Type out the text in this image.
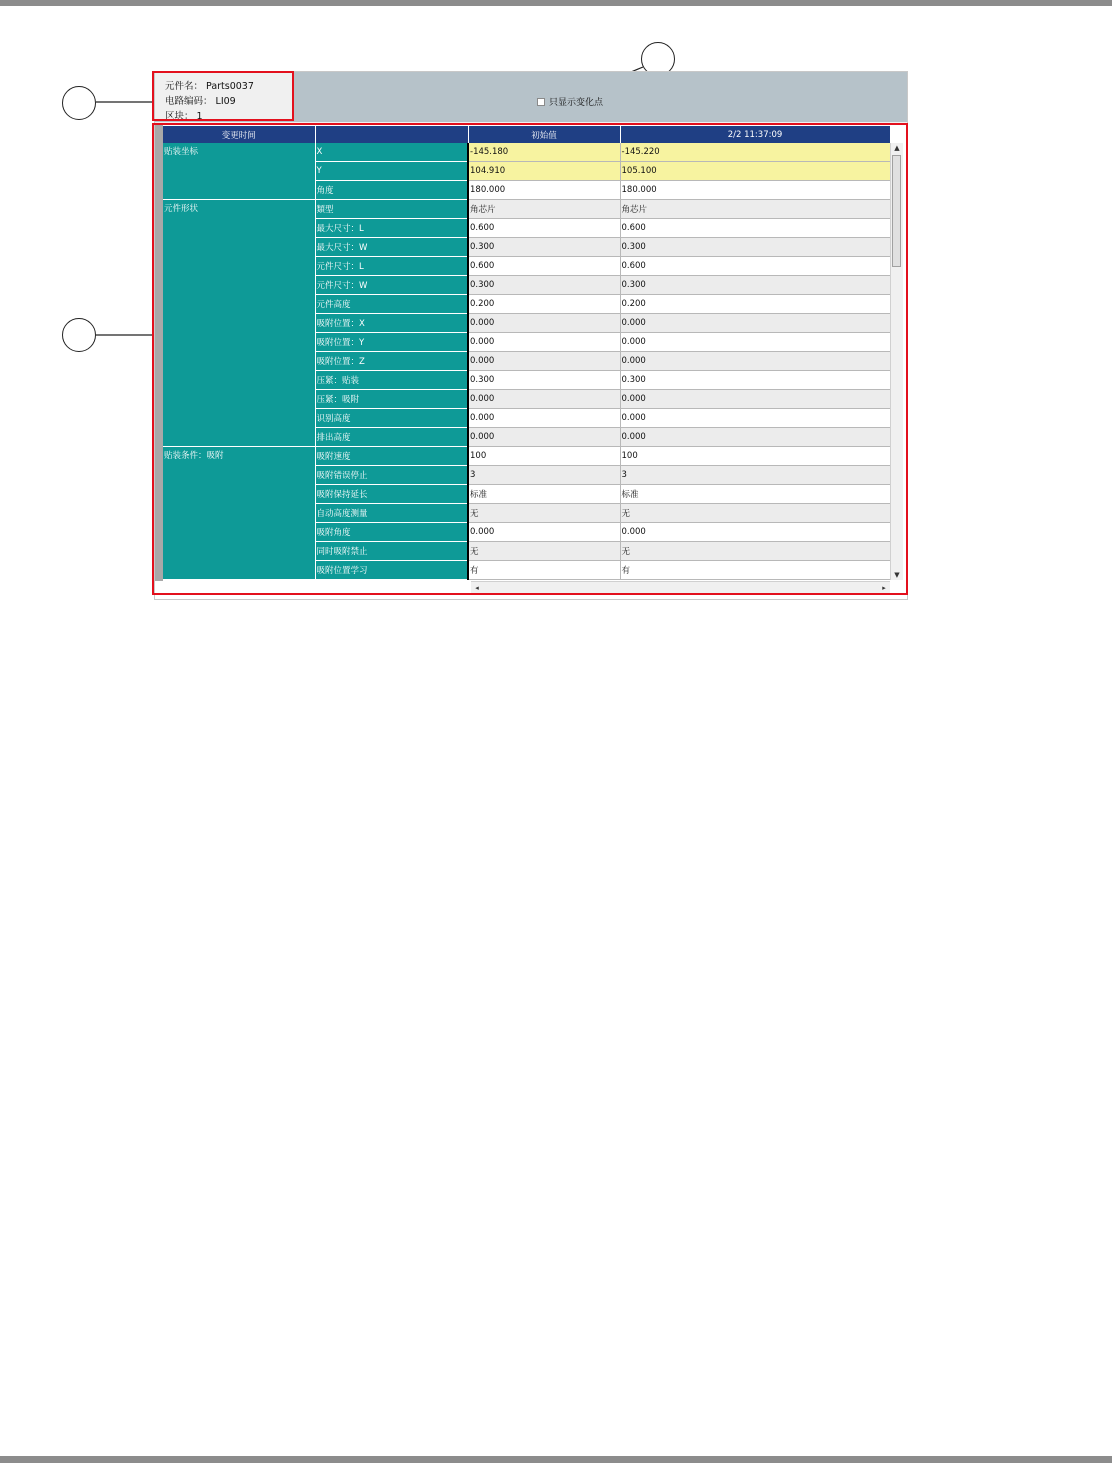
元件名： Parts0037
电路编码： LI09
区块： 1
只显示变化点
变更时间		初始值	2/2 11:37:09
贴装坐标	X	-145.180	-145.220
	Y	104.910	105.100
	角度	180.000	180.000
元件形状	類型	角芯片	角芯片
	最大尺寸：L	0.600	0.600
	最大尺寸：W	0.300	0.300
	元件尺寸：L	0.600	0.600
	元件尺寸：W	0.300	0.300
	元件高度	0.200	0.200
	吸附位置：X	0.000	0.000
	吸附位置：Y	0.000	0.000
	吸附位置：Z	0.000	0.000
	压紧：贴装	0.300	0.300
	压紧：吸附	0.000	0.000
	识别高度	0.000	0.000
	排出高度	0.000	0.000
贴装条件：吸附	吸附速度	100	100
	吸附错误停止	3	3
	吸附保持延长	标准	标准
	自动高度测量	无	无
	吸附角度	0.000	0.000
	同时吸附禁止	无	无
	吸附位置学习	有	有
▲
▼
◂	▸
